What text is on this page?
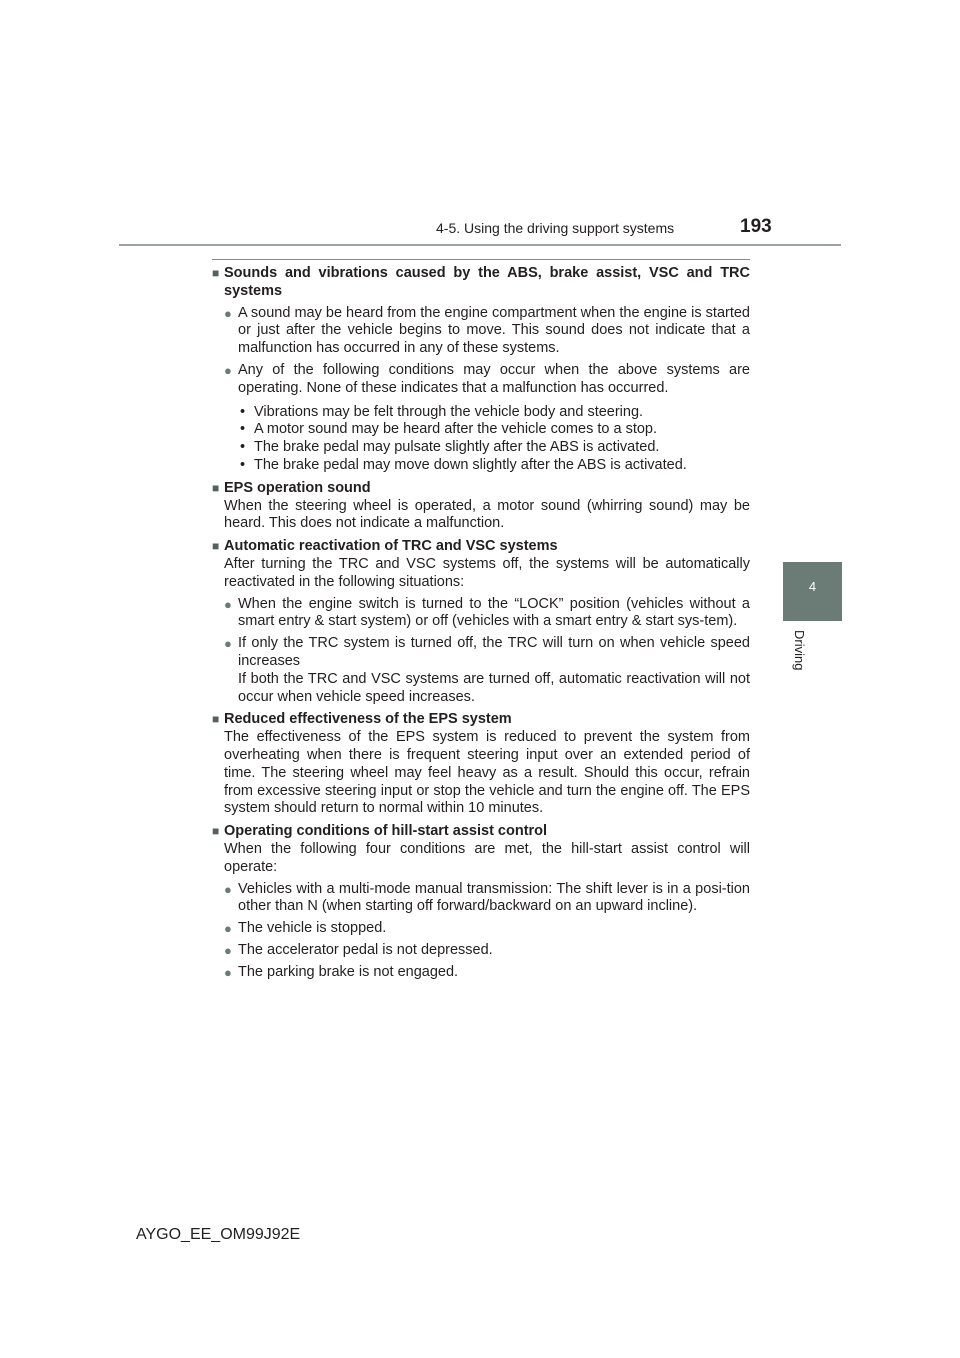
4-5. Using the driving support systems	193
4
Driving
■ Sounds and vibrations caused by the ABS, brake assist, VSC and TRC systems
● A sound may be heard from the engine compartment when the engine is started or just after the vehicle begins to move. This sound does not indicate that a malfunction has occurred in any of these systems.
● Any of the following conditions may occur when the above systems are operating. None of these indicates that a malfunction has occurred.
• Vibrations may be felt through the vehicle body and steering.
• A motor sound may be heard after the vehicle comes to a stop.
• The brake pedal may pulsate slightly after the ABS is activated.
• The brake pedal may move down slightly after the ABS is activated.
■ EPS operation sound
When the steering wheel is operated, a motor sound (whirring sound) may be heard. This does not indicate a malfunction.
■ Automatic reactivation of TRC and VSC systems
After turning the TRC and VSC systems off, the systems will be automatically reactivated in the following situations:
● When the engine switch is turned to the “LOCK” position (vehicles without a smart entry & start system) or off (vehicles with a smart entry & start sys-tem).
● If only the TRC system is turned off, the TRC will turn on when vehicle speed increases
If both the TRC and VSC systems are turned off, automatic reactivation will not occur when vehicle speed increases.
■ Reduced effectiveness of the EPS system
The effectiveness of the EPS system is reduced to prevent the system from overheating when there is frequent steering input over an extended period of time. The steering wheel may feel heavy as a result. Should this occur, refrain from excessive steering input or stop the vehicle and turn the engine off. The EPS system should return to normal within 10 minutes.
■ Operating conditions of hill-start assist control
When the following four conditions are met, the hill-start assist control will operate:
● Vehicles with a multi-mode manual transmission: The shift lever is in a posi-tion other than N (when starting off forward/backward on an upward incline).
● The vehicle is stopped.
● The accelerator pedal is not depressed.
● The parking brake is not engaged.
AYGO_EE_OM99J92E
